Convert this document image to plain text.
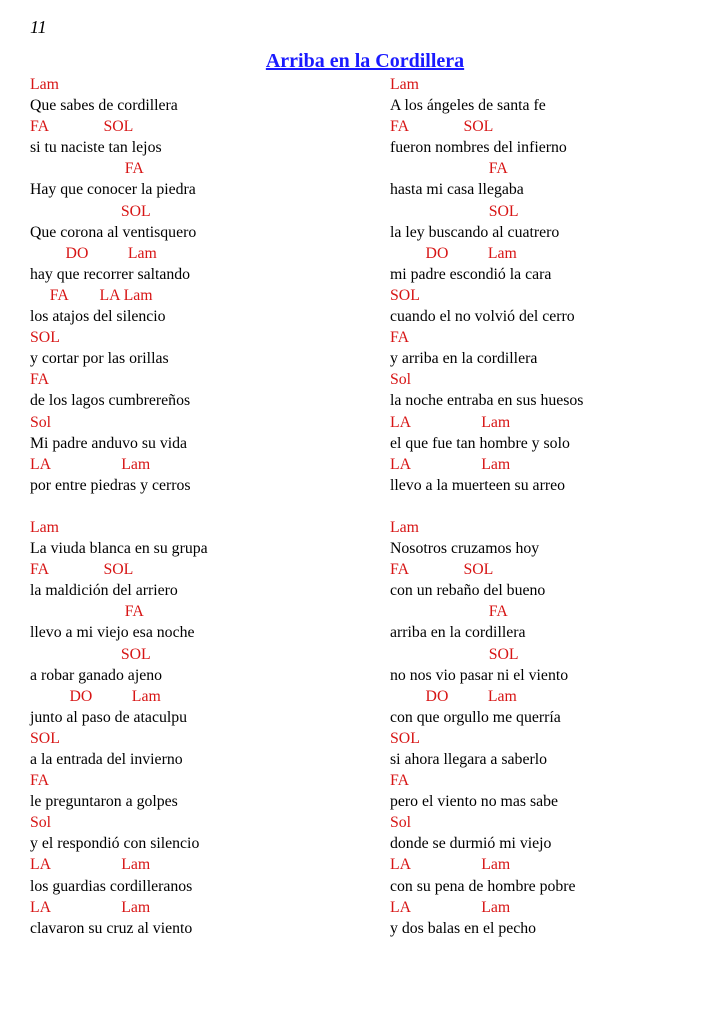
11
Arriba en la Cordillera
Lam
Que sabes de cordillera
FA              SOL
si tu naciste tan lejos
FA
Hay que conocer la piedra
SOL
Que corona al ventisquero
DO          Lam
hay que recorrer saltando
FA        LA Lam
los atajos del silencio
SOL
y cortar por las orillas
FA
de los lagos cumbrereños
Sol
Mi padre anduvo su vida
LA                  Lam
por entre piedras y cerros
Lam
La viuda blanca en su grupa
FA              SOL
la maldición del arriero
FA
llevo a mi viejo esa noche
SOL
a robar ganado ajeno
DO          Lam
junto al paso de ataculpu
SOL
a la entrada del invierno
FA
le preguntaron a golpes
Sol
y el respondió con silencio
LA                  Lam
los guardias cordilleranos
LA                  Lam
clavaron su cruz al viento
Lam
A los ángeles de santa fe
FA              SOL
fueron nombres del infierno
FA
hasta mi casa llegaba
SOL
la ley buscando al cuatrero
DO          Lam
mi padre escondió la cara
SOL
cuando el no volvió del cerro
FA
y arriba en la cordillera
Sol
la noche entraba en sus huesos
LA                  Lam
el que fue tan hombre y solo
LA                  Lam
llevo a la muerteen su arreo
Lam
Nosotros cruzamos hoy
FA              SOL
con un rebaño del bueno
FA
arriba en la cordillera
SOL
no nos vio pasar ni el viento
DO          Lam
con que orgullo me querría
SOL
si ahora llegara a saberlo
FA
pero el viento no mas sabe
Sol
donde se durmió mi viejo
LA                  Lam
con su pena de hombre pobre
LA                  Lam
y dos balas en el pecho
